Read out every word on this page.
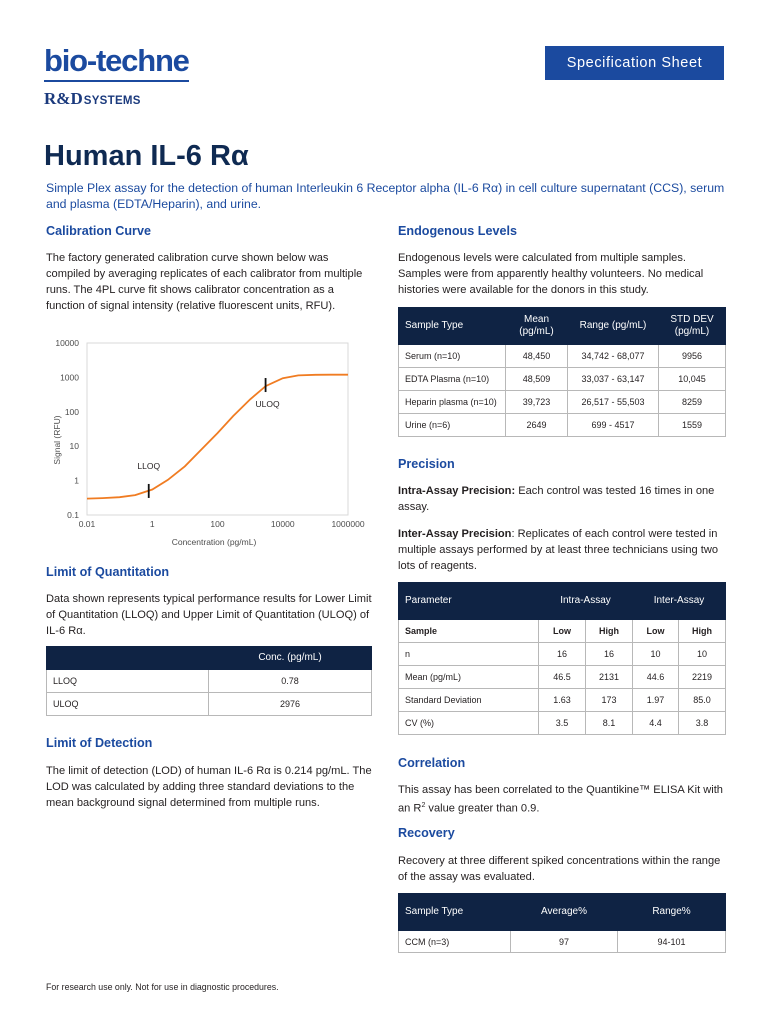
bio-techne
R&DSYSTEMS
Specification Sheet
Human IL-6 Rα
Simple Plex assay for the detection of human Interleukin 6 Receptor alpha (IL-6 Rα) in cell culture supernatant (CCS), serum and plasma (EDTA/Heparin), and urine.
Calibration Curve
The factory generated calibration curve shown below was compiled by averaging replicates of each calibrator from multiple runs. The 4PL curve fit shows calibrator concentration as a function of signal intensity (relative fluorescent units, RFU).
0.01	1	100	10000	1000000
0.1
1
10
100
1000
10000
LLOQ
ULOQ
Concentration (pg/mL)
Signal (RFU)
Limit of Quantitation
Data shown represents typical performance results for Lower Limit of Quantitation (LLOQ) and Upper Limit of Quantitation (ULOQ) of IL-6 Rα.
	Conc. (pg/mL)
LLOQ	0.78
ULOQ	2976
Limit of Detection
The limit of detection (LOD) of human IL-6 Rα is 0.214 pg/mL. The LOD was calculated by adding three standard deviations to the mean background signal determined from multiple runs.
Endogenous Levels
Endogenous levels were calculated from multiple samples. Samples were from apparently healthy volunteers. No medical histories were available for the donors in this study.
Sample Type	Mean (pg/mL)	Range (pg/mL)	STD DEV (pg/mL)
Serum (n=10)	48,450	34,742 - 68,077	9956
EDTA Plasma (n=10)	48,509	33,037 - 63,147	10,045
Heparin plasma (n=10)	39,723	26,517 - 55,503	8259
Urine (n=6)	2649	699 - 4517	1559
Precision
Intra-Assay Precision: Each control was tested 16 times in one assay.
Inter-Assay Precision: Replicates of each control were tested in multiple assays performed by at least three technicians using two lots of reagents.
Parameter	Intra-Assay		Inter-Assay	
Sample	Low	High	Low	High
n	16	16	10	10
Mean (pg/mL)	46.5	2131	44.6	2219
Standard Deviation	1.63	173	1.97	85.0
CV (%)	3.5	8.1	4.4	3.8
Correlation
This assay has been correlated to the Quantikine™ ELISA Kit with an $R^2$ value greater than 0.9.
Recovery
Recovery at three different spiked concentrations within the range of the assay was evaluated.
Sample Type	Average%	Range%
CCM (n=3)	97	94-101
For research use only. Not for use in diagnostic procedures.
